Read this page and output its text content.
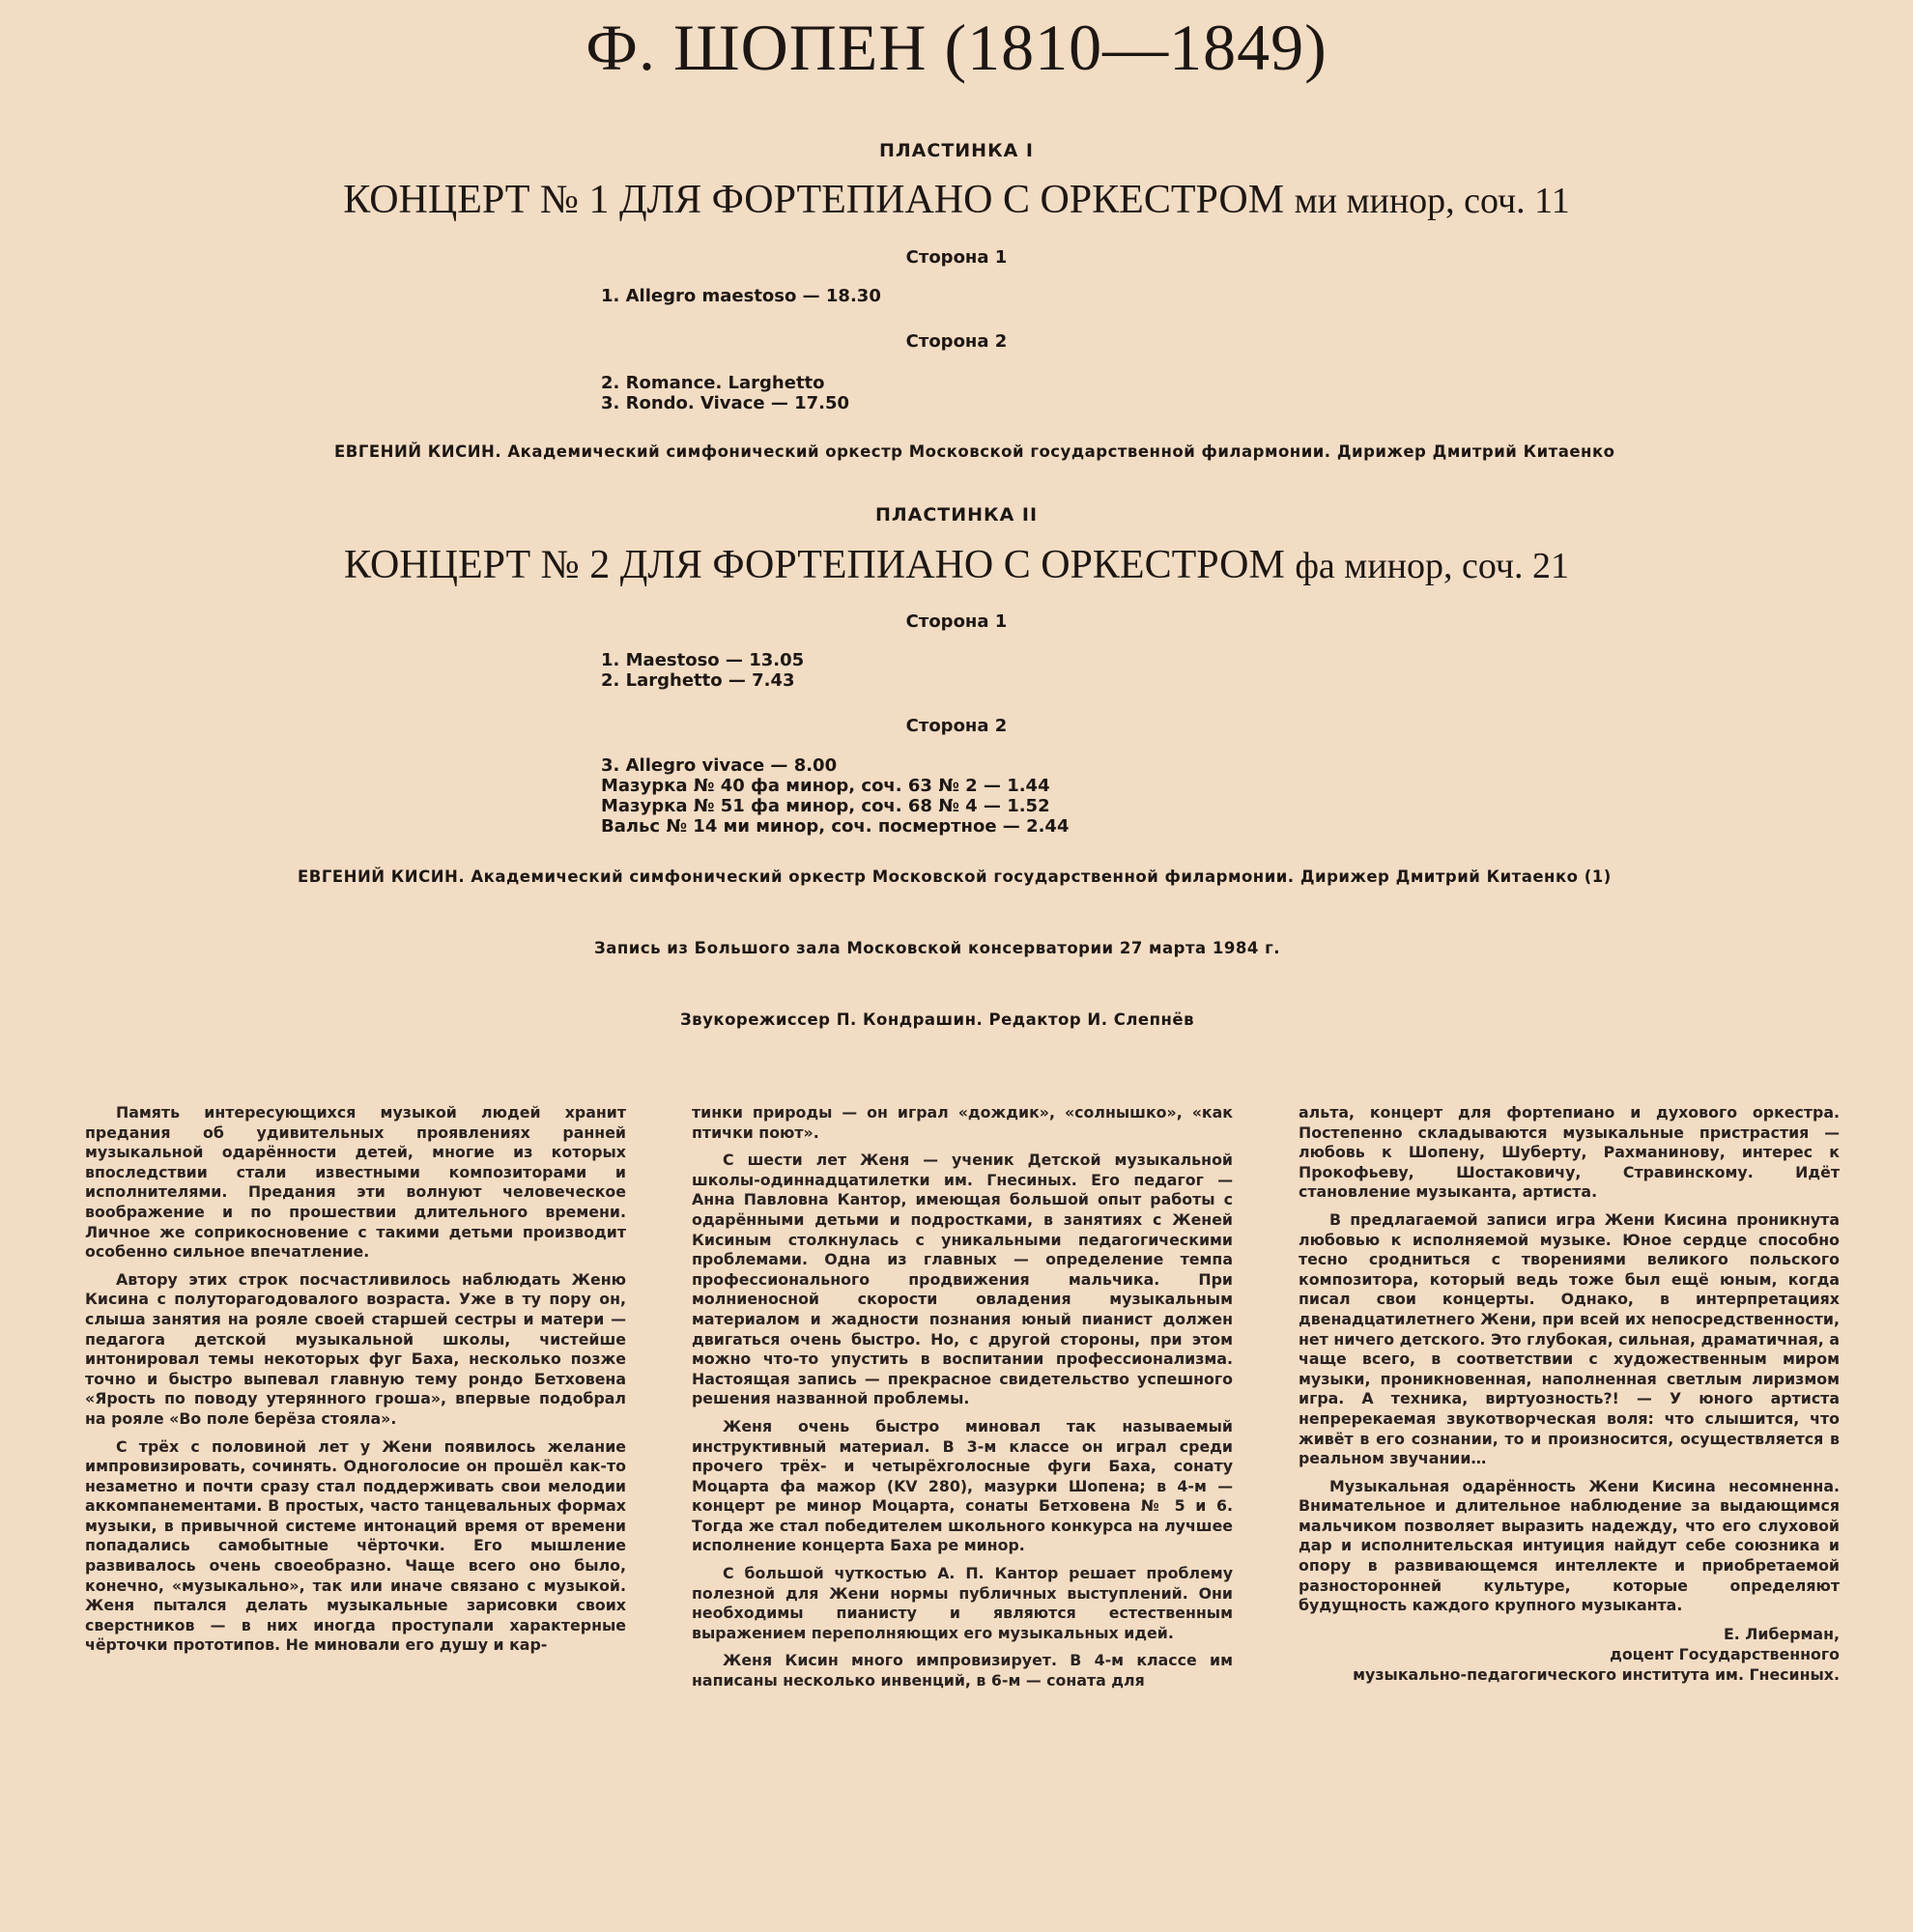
Ф. ШОПЕН (1810—1849)
ПЛАСТИНКА I
КОНЦЕРТ № 1 ДЛЯ ФОРТЕПИАНО С ОРКЕСТРОМ ми минор, соч. 11
Сторона 1
1. Allegro maestoso — 18.30
Сторона 2
2. Romance. Larghetto
3. Rondo. Vivace — 17.50
ЕВГЕНИЙ КИСИН. Академический симфонический оркестр Московской государственной филармонии. Дирижер Дмитрий Китаенко
ПЛАСТИНКА II
КОНЦЕРТ № 2 ДЛЯ ФОРТЕПИАНО С ОРКЕСТРОМ фа минор, соч. 21
Сторона 1
1. Maestoso — 13.05
2. Larghetto — 7.43
Сторона 2
3. Allegro vivace — 8.00
Мазурка № 40 фа минор, соч. 63 № 2 — 1.44
Мазурка № 51 фа минор, соч. 68 № 4 — 1.52
Вальс № 14 ми минор, соч. посмертное — 2.44
ЕВГЕНИЙ КИСИН. Академический симфонический оркестр Московской государственной филармонии. Дирижер Дмитрий Китаенко (1)
Запись из Большого зала Московской консерватории 27 марта 1984 г.
Звукорежиссер П. Кондрашин. Редактор И. Слепнёв

Память интересующихся музыкой людей хранит предания об удивительных проявлениях ранней музыкальной одарённости детей, многие из которых впоследствии стали известными композиторами и исполнителями. Предания эти волнуют человеческое воображение и по прошествии длительного времени. Личное же соприкосновение с такими детьми производит особенно сильное впечатление.

Автору этих строк посчастливилось наблюдать Женю Кисина с полуторагодовалого возраста. Уже в ту пору он, слыша занятия на рояле своей старшей сестры и матери — педагога детской музыкальной школы, чистейше интонировал темы некоторых фуг Баха, несколько позже точно и быстро выпевал главную тему рондо Бетховена «Ярость по поводу утерянного гроша», впервые подобрал на рояле «Во поле берёза стояла».

С трёх с половиной лет у Жени появилось желание импровизировать, сочинять. Одноголосие он прошёл как-то незаметно и почти сразу стал поддерживать свои мелодии аккомпанементами. В простых, часто танцевальных формах музыки, в привычной системе интонаций время от времени попадались самобытные чёрточки. Его мышление развивалось очень своеобразно. Чаще всего оно было, конечно, «музыкально», так или иначе связано с музыкой. Женя пытался делать музыкальные зарисовки своих сверстников — в них иногда проступали характерные чёрточки прототипов. Не миновали его душу и кар-

тинки природы — он играл «дождик», «солнышко», «как птички поют».

С шести лет Женя — ученик Детской музыкальной школы-одиннадцатилетки им. Гнесиных. Его педагог — Анна Павловна Кантор, имеющая большой опыт работы с одарёнными детьми и подростками, в занятиях с Женей Кисиным столкнулась с уникальными педагогическими проблемами. Одна из главных — определение темпа профессионального продвижения мальчика. При молниеносной скорости овладения музыкальным материалом и жадности познания юный пианист должен двигаться очень быстро. Но, с другой стороны, при этом можно что-то упустить в воспитании профессионализма. Настоящая запись — прекрасное свидетельство успешного решения названной проблемы.

Женя очень быстро миновал так называемый инструктивный материал. В 3-м классе он играл среди прочего трёх- и четырёхголосные фуги Баха, сонату Моцарта фа мажор (KV 280), мазурки Шопена; в 4-м — концерт ре минор Моцарта, сонаты Бетховена № 5 и 6. Тогда же стал победителем школьного конкурса на лучшее исполнение концерта Баха ре минор.

С большой чуткостью А. П. Кантор решает проблему полезной для Жени нормы публичных выступлений. Они необходимы пианисту и являются естественным выражением переполняющих его музыкальных идей.

Женя Кисин много импровизирует. В 4-м классе им написаны несколько инвенций, в 6-м — соната для

альта, концерт для фортепиано и духового оркестра. Постепенно складываются музыкальные пристрастия — любовь к Шопену, Шуберту, Рахманинову, интерес к Прокофьеву, Шостаковичу, Стравинскому. Идёт становление музыканта, артиста.

В предлагаемой записи игра Жени Кисина проникнута любовью к исполняемой музыке. Юное сердце способно тесно сродниться с творениями великого польского композитора, который ведь тоже был ещё юным, когда писал свои концерты. Однако, в интерпретациях двенадцатилетнего Жени, при всей их непосредственности, нет ничего детского. Это глубокая, сильная, драматичная, а чаще всего, в соответствии с художественным миром музыки, проникновенная, наполненная светлым лиризмом игра. А техника, виртуозность?! — У юного артиста непререкаемая звукотворческая воля: что слышится, что живёт в его сознании, то и произносится, осуществляется в реальном звучании…

Музыкальная одарённость Жени Кисина несомненна. Внимательное и длительное наблюдение за выдающимся мальчиком позволяет выразить надежду, что его слуховой дар и исполнительская интуиция найдут себе союзника и опору в развивающемся интеллекте и приобретаемой разносторонней культуре, которые определяют будущность каждого крупного музыканта.

Е. Либерман,
доцент Государственного
музыкально-педагогического института им. Гнесиных.
